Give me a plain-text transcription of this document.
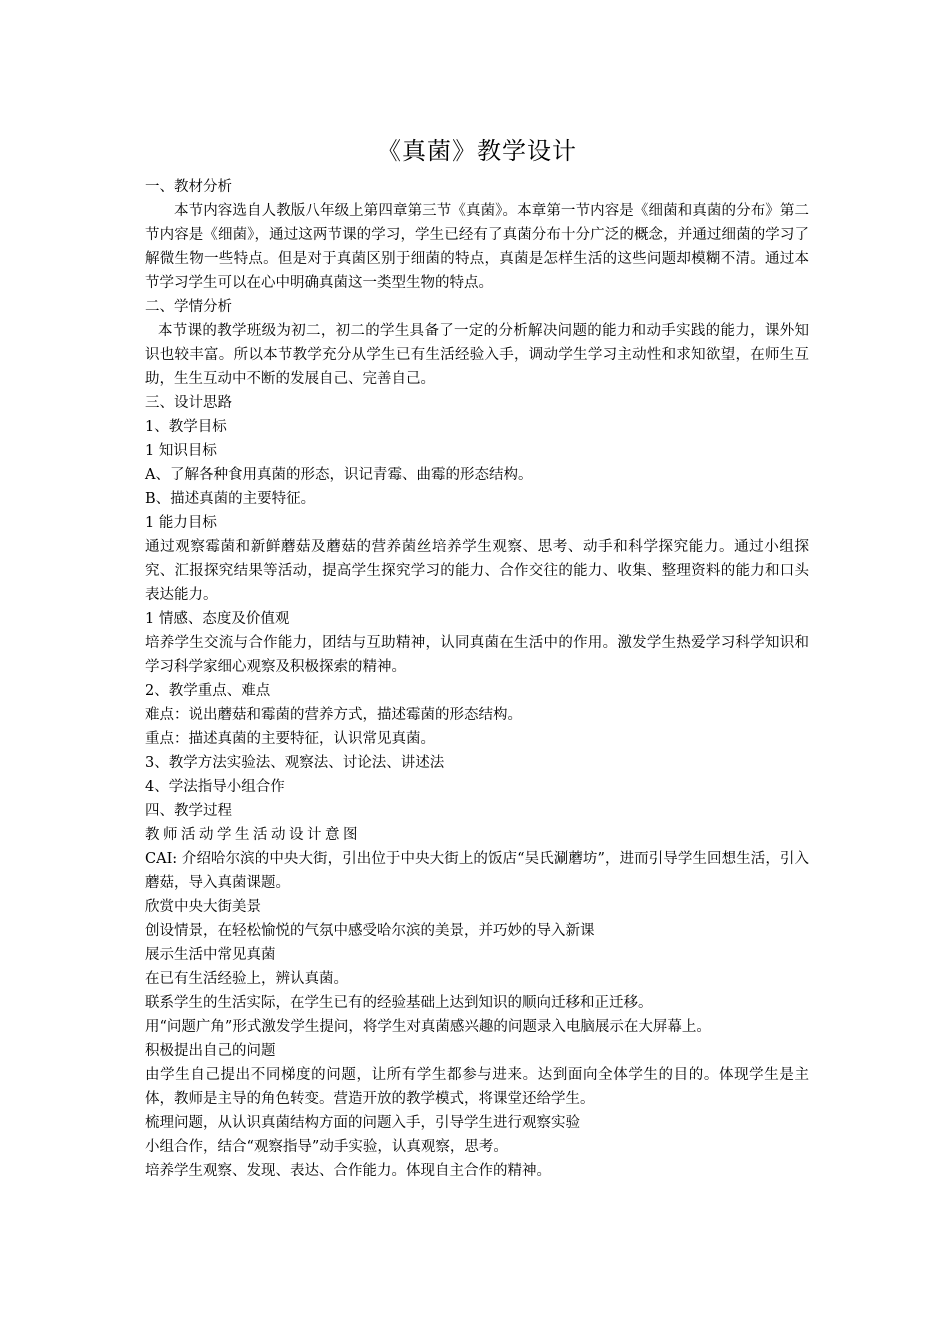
《真菌》教学设计

一、教材分析

本节内容选自人教版八年级上第四章第三节《真菌》。本章第一节内容是《细菌和真菌的分布》第二节内容是《细菌》，通过这两节课的学习，学生已经有了真菌分布十分广泛的概念，并通过细菌的学习了解微生物一些特点。但是对于真菌区别于细菌的特点，真菌是怎样生活的这些问题却模糊不清。通过本节学习学生可以在心中明确真菌这一类型生物的特点。

二、学情分析

本节课的教学班级为初二，初二的学生具备了一定的分析解决问题的能力和动手实践的能力，课外知识也较丰富。所以本节教学充分从学生已有生活经验入手，调动学生学习主动性和求知欲望，在师生互助，生生互动中不断的发展自己、完善自己。

三、设计思路

1、教学目标

1 知识目标

A、了解各种食用真菌的形态，识记青霉、曲霉的形态结构。

B、描述真菌的主要特征。

1 能力目标

通过观察霉菌和新鲜蘑菇及蘑菇的营养菌丝培养学生观察、思考、动手和科学探究能力。通过小组探究、汇报探究结果等活动，提高学生探究学习的能力、合作交往的能力、收集、整理资料的能力和口头表达能力。

1 情感、态度及价值观

培养学生交流与合作能力，团结与互助精神，认同真菌在生活中的作用。激发学生热爱学习科学知识和学习科学家细心观察及积极探索的精神。

2、教学重点、难点

难点：说出蘑菇和霉菌的营养方式，描述霉菌的形态结构。

重点：描述真菌的主要特征，认识常见真菌。

3、教学方法实验法、观察法、讨论法、讲述法

4、学法指导小组合作

四、教学过程

教师活动学生活动设计意图

CAI: 介绍哈尔滨的中央大街，引出位于中央大街上的饭店“吴氏涮蘑坊”，进而引导学生回想生活，引入蘑菇，导入真菌课题。

欣赏中央大街美景

创设情景，在轻松愉悦的气氛中感受哈尔滨的美景，并巧妙的导入新课

展示生活中常见真菌

在已有生活经验上，辨认真菌。

联系学生的生活实际，在学生已有的经验基础上达到知识的顺向迁移和正迁移。

用“问题广角”形式激发学生提问，将学生对真菌感兴趣的问题录入电脑展示在大屏幕上。

积极提出自己的问题

由学生自己提出不同梯度的问题，让所有学生都参与进来。达到面向全体学生的目的。体现学生是主体，教师是主导的角色转变。营造开放的教学模式，将课堂还给学生。

梳理问题，从认识真菌结构方面的问题入手，引导学生进行观察实验

小组合作，结合“观察指导”动手实验，认真观察，思考。

培养学生观察、发现、表达、合作能力。体现自主合作的精神。
